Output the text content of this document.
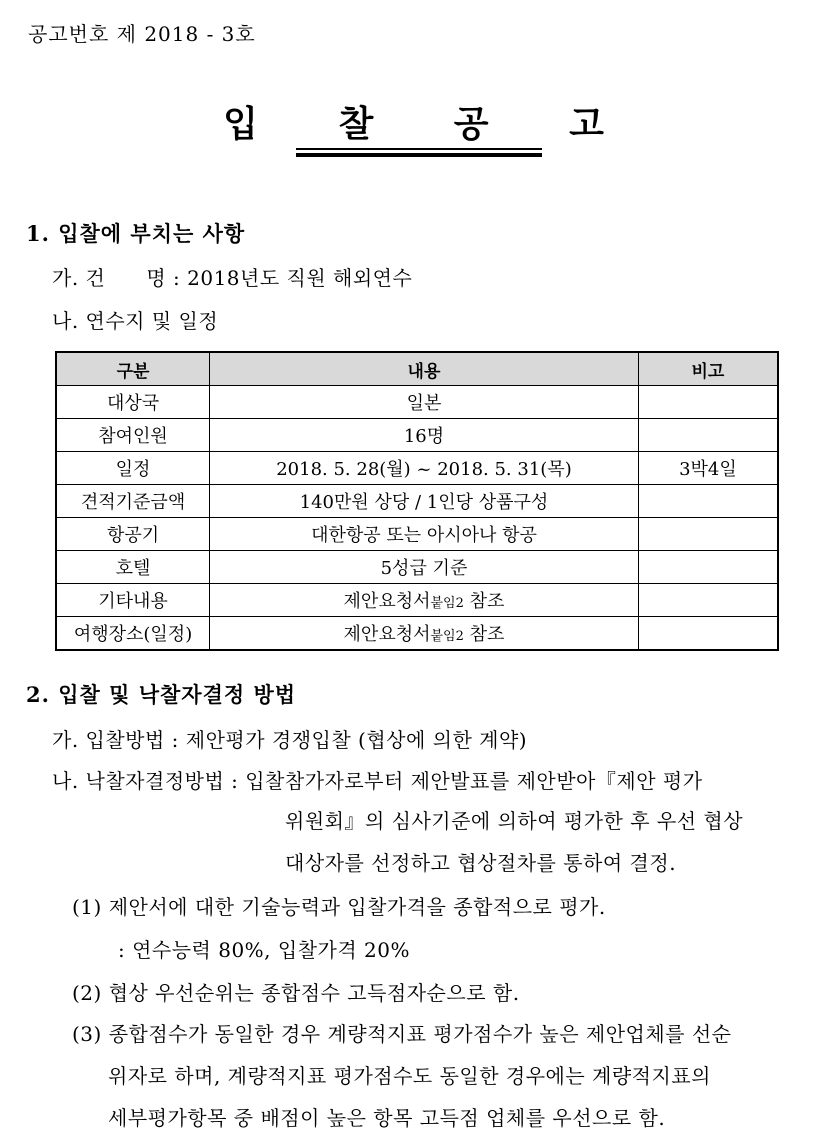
공고번호 제 2018 - 3호
입 찰 공 고
1. 입찰에 부치는 사항
가. 건　　명 : 2018년도 직원 해외연수
나. 연수지 및 일정
구분	내용	비고
대상국	일본	
참여인원	16명	
일정	2018. 5. 28(월) ~ 2018. 5. 31(목)	3박4일
견적기준금액	140만원 상당 / 1인당 상품구성	
항공기	대한항공 또는 아시아나 항공	
호텔	5성급 기준	
기타내용	제안요청서붙임2 참조	
여행장소(일정)	제안요청서붙임2 참조	
2. 입찰 및 낙찰자결정 방법
가. 입찰방법 : 제안평가 경쟁입찰 (협상에 의한 계약)
나. 낙찰자결정방법 : 입찰참가자로부터 제안발표를 제안받아『제안 평가
위원회』의 심사기준에 의하여 평가한 후 우선 협상
대상자를 선정하고 협상절차를 통하여 결정.
(1) 제안서에 대한 기술능력과 입찰가격을 종합적으로 평가.
: 연수능력 80%, 입찰가격 20%
(2) 협상 우선순위는 종합점수 고득점자순으로 함.
(3) 종합점수가 동일한 경우 계량적지표 평가점수가 높은 제안업체를 선순
위자로 하며, 계량적지표 평가점수도 동일한 경우에는 계량적지표의
세부평가항목 중 배점이 높은 항목 고득점 업체를 우선으로 함.
